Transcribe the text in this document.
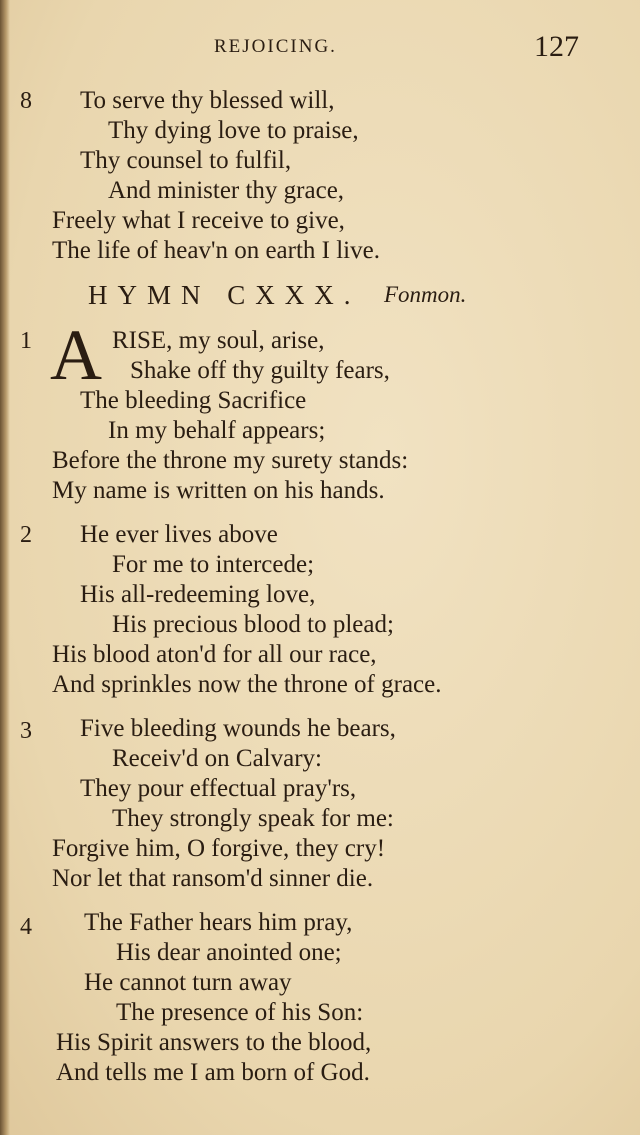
REJOICING.	127
8 To serve thy blessed will,
Thy dying love to praise,
Thy counsel to fulfil,
And minister thy grace,
Freely what I receive to give,
The life of heav'n on earth I live.
HYMN CXXX. Fonmon.
1 A RISE, my soul, arise,
Shake off thy guilty fears,
The bleeding Sacrifice
In my behalf appears;
Before the throne my surety stands:
My name is written on his hands.
2 He ever lives above
For me to intercede;
His all-redeeming love,
His precious blood to plead;
His blood aton'd for all our race,
And sprinkles now the throne of grace.
3 Five bleeding wounds he bears,
Receiv'd on Calvary:
They pour effectual pray'rs,
They strongly speak for me:
Forgive him, O forgive, they cry!
Nor let that ransom'd sinner die.
4 The Father hears him pray,
His dear anointed one;
He cannot turn away
The presence of his Son:
His Spirit answers to the blood,
And tells me I am born of God.
